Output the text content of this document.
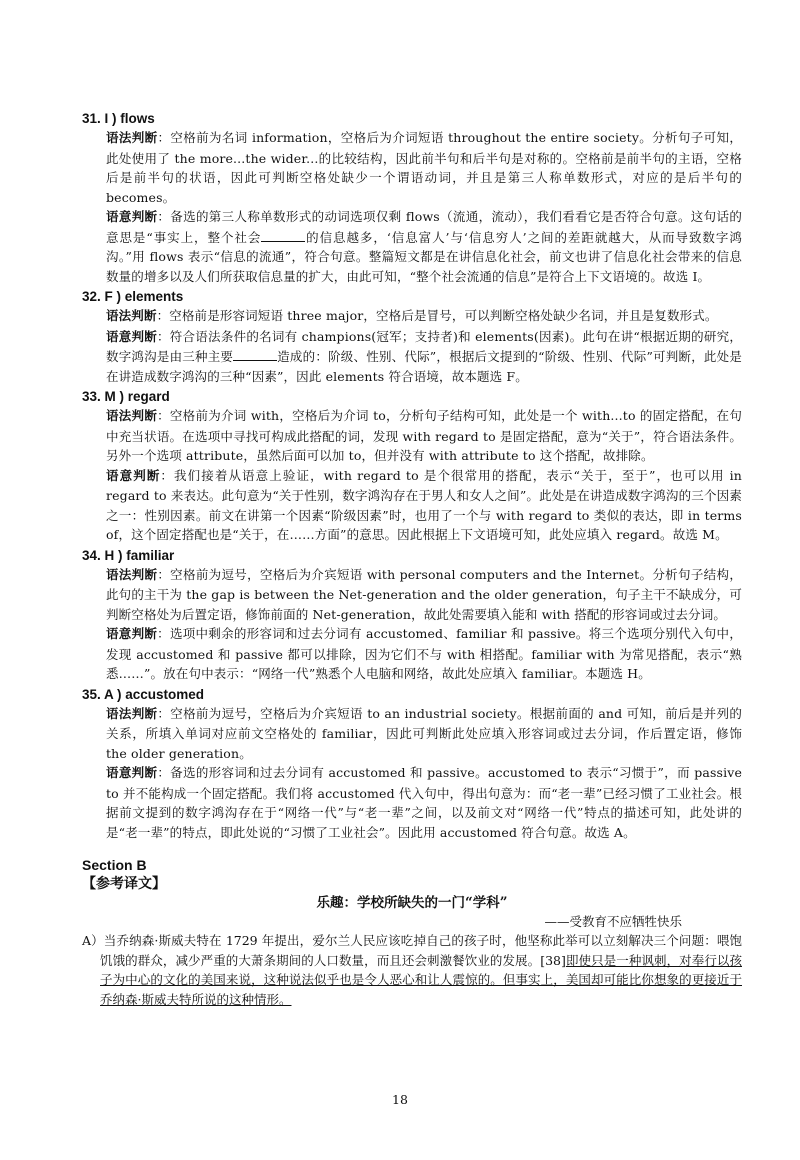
31. I ) flows

语法判断：空格前为名词 information，空格后为介词短语 throughout the entire society。分析句子可知，此处使用了 the more...the wider...的比较结构，因此前半句和后半句是对称的。空格前是前半句的主语，空格后是前半句的状语，因此可判断空格处缺少一个谓语动词，并且是第三人称单数形式，对应的是后半句的 becomes。

语意判断：备选的第三人称单数形式的动词选项仅剩 flows（流通，流动），我们看看它是否符合句意。这句话的意思是“事实上，整个社会	的信息越多，‘信息富人’与‘信息穷人’之间的差距就越大，从而导致数字鸿沟。”用 flows 表示“信息的流通”，符合句意。整篇短文都是在讲信息化社会，前文也讲了信息化社会带来的信息数量的增多以及人们所获取信息量的扩大，由此可知，“整个社会流通的信息”是符合上下文语境的。故选 I。

32. F ) elements

语法判断：空格前是形容词短语 three major，空格后是冒号，可以判断空格处缺少名词，并且是复数形式。

语意判断：符合语法条件的名词有 champions(冠军；支持者)和 elements(因素)。此句在讲“根据近期的研究，数字鸿沟是由三种主要	造成的：阶级、性别、代际”，根据后文提到的“阶级、性别、代际”可判断，此处是在讲造成数字鸿沟的三种“因素”，因此 elements 符合语境，故本题选 F。

33. M ) regard

语法判断：空格前为介词 with，空格后为介词 to，分析句子结构可知，此处是一个 with...to 的固定搭配，在句中充当状语。在选项中寻找可构成此搭配的词，发现 with regard to 是固定搭配，意为“关于”，符合语法条件。另外一个选项 attribute，虽然后面可以加 to，但并没有 with attribute to 这个搭配，故排除。

语意判断：我们接着从语意上验证，with regard to 是个很常用的搭配，表示“关于，至于”，也可以用 in regard to 来表达。此句意为“关于性别，数字鸿沟存在于男人和女人之间”。此处是在讲造成数字鸿沟的三个因素之一：性别因素。前文在讲第一个因素“阶级因素”时，也用了一个与 with regard to 类似的表达，即 in terms of，这个固定搭配也是“关于，在……方面”的意思。因此根据上下文语境可知，此处应填入 regard。故选 M。

34. H ) familiar

语法判断：空格前为逗号，空格后为介宾短语 with personal computers and the Internet。分析句子结构，此句的主干为 the gap is between the Net-generation and the older generation，句子主干不缺成分，可判断空格处为后置定语，修饰前面的 Net-generation，故此处需要填入能和 with 搭配的形容词或过去分词。

语意判断：选项中剩余的形容词和过去分词有 accustomed、familiar 和 passive。将三个选项分别代入句中，发现 accustomed 和 passive 都可以排除，因为它们不与 with 相搭配。familiar with 为常见搭配，表示“熟悉……”。放在句中表示：“网络一代”熟悉个人电脑和网络，故此处应填入 familiar。本题选 H。

35. A ) accustomed

语法判断：空格前为逗号，空格后为介宾短语 to an industrial society。根据前面的 and 可知，前后是并列的关系，所填入单词对应前文空格处的 familiar，因此可判断此处应填入形容词或过去分词，作后置定语，修饰 the older generation。

语意判断：备选的形容词和过去分词有 accustomed 和 passive。accustomed to 表示“习惯于”，而 passive to 并不能构成一个固定搭配。我们将 accustomed 代入句中，得出句意为：而“老一辈”已经习惯了工业社会。根据前文提到的数字鸿沟存在于“网络一代”与“老一辈”之间，以及前文对“网络一代”特点的描述可知，此处讲的是“老一辈”的特点，即此处说的“习惯了工业社会”。因此用 accustomed 符合句意。故选 A。

Section B

【参考译文】

乐趣：学校所缺失的一门“学科”

——受教育不应牺牲快乐

A）当乔纳森·斯威夫特在 1729 年提出，爱尔兰人民应该吃掉自己的孩子时，他坚称此举可以立刻解决三个问题：喂饱饥饿的群众，减少严重的大萧条期间的人口数量，而且还会刺激餐饮业的发展。[38]即使只是一种讽刺，对奉行以孩子为中心的文化的美国来说，这种说法似乎也是令人恶心和让人震惊的。但事实上，美国却可能比你想象的更接近于乔纳森·斯威夫特所说的这种情形。

18
